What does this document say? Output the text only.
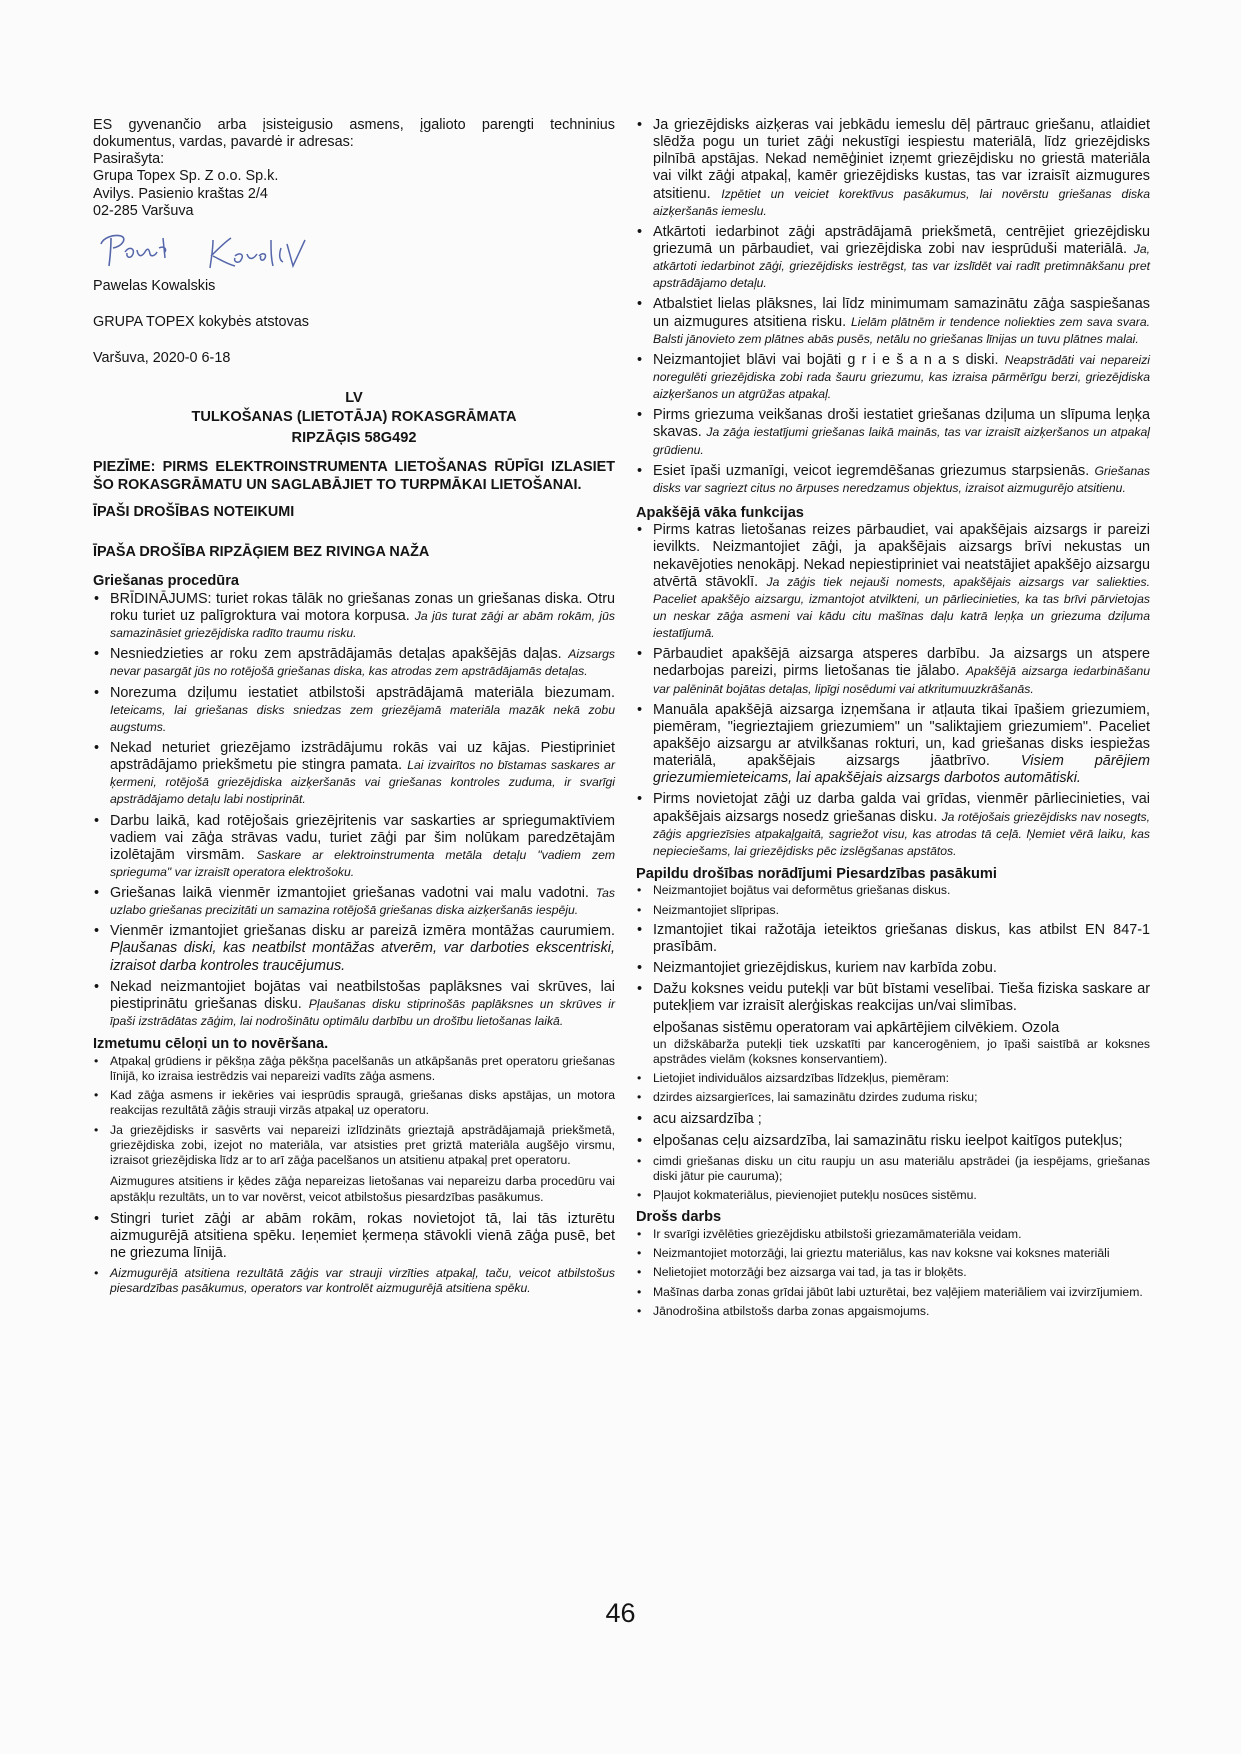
ES gyvenančio arba įsisteigusio asmens, įgalioto parengti techninius dokumentus, vardas, pavardė ir adresas:

Pasirašyta:

Grupa Topex Sp. Z o.o. Sp.k.

Avilys. Pasienio kraštas 2/4

02-285 Varšuva

Pawelas Kowalskis

GRUPA TOPEX kokybės atstovas

Varšuva, 2020-0 6-18

LV

TULKOŠANAS (LIETOTĀJA) ROKASGRĀMATA

RIPZĀĢIS 58G492

PIEZĪME: PIRMS ELEKTROINSTRUMENTA LIETOŠANAS RŪPĪGI IZLASIET ŠO ROKASGRĀMATU UN SAGLABĀJIET TO TURPMĀKAI LIETOŠANAI.

ĪPAŠI DROŠĪBAS NOTEIKUMI

ĪPAŠA DROŠĪBA RIPZĀĢIEM BEZ RIVINGA NAŽA

Griešanas procedūra

• BRĪDINĀJUMS: turiet rokas tālāk no griešanas zonas un griešanas diska. Otru roku turiet uz palīgroktura vai motora korpusa. Ja jūs turat zāģi ar abām rokām, jūs samazināsiet griezējdiska radīto traumu risku.
• Nesniedzieties ar roku zem apstrādājamās detaļas apakšējās daļas. Aizsargs nevar pasargāt jūs no rotējošā griešanas diska, kas atrodas zem apstrādājamās detaļas.
• Norezuma dziļumu iestatiet atbilstoši apstrādājamā materiāla biezumam. Ieteicams, lai griešanas disks sniedzas zem griezējamā materiāla mazāk nekā zobu augstums.
• Nekad neturiet griezējamo izstrādājumu rokās vai uz kājas. Piestipriniet apstrādājamo priekšmetu pie stingra pamata. Lai izvairītos no bīstamas saskares ar ķermeni, rotējošā griezējdiska aizķeršanās vai griešanas kontroles zuduma, ir svarīgi apstrādājamo detaļu labi nostiprināt.
• Darbu laikā, kad rotējošais griezējritenis var saskarties ar spriegumaktīviem vadiem vai zāģa strāvas vadu, turiet zāģi par šim nolūkam paredzētajām izolētajām virsmām. Saskare ar elektroinstrumenta metāla detaļu "vadiem zem sprieguma" var izraisīt operatora elektrošoku.
• Griešanas laikā vienmēr izmantojiet griešanas vadotni vai malu vadotni. Tas uzlabo griešanas precizitāti un samazina rotējošā griešanas diska aizķeršanās iespēju.
• Vienmēr izmantojiet griešanas disku ar pareizā izmēra montāžas caurumiem. Pļaušanas diski, kas neatbilst montāžas atverēm, var darboties ekscentriski, izraisot darba kontroles traucējumus.
• Nekad neizmantojiet bojātas vai neatbilstošas paplāksnes vai skrūves, lai piestiprinātu griešanas disku. Pļaušanas disku stiprinošās paplāksnes un skrūves ir īpaši izstrādātas zāģim, lai nodrošinātu optimālu darbību un drošību lietošanas laikā.

Izmetumu cēloņi un to novēršana.

• Atpakaļ grūdiens ir pēkšņa zāģa pēkšņa pacelšanās un atkāpšanās pret operatoru griešanas līnijā, ko izraisa iestrēdzis vai nepareizi vadīts zāģa asmens.
• Kad zāģa asmens ir iekēries vai iesprūdis spraugā, griešanas disks apstājas, un motora reakcijas rezultātā zāģis strauji virzās atpakaļ uz operatoru.
• Ja griezējdisks ir sasvērts vai nepareizi izlīdzināts grieztajā apstrādājamajā priekšmetā, griezējdiska zobi, izejot no materiāla, var atsisties pret griztā materiāla augšējo virsmu, izraisot griezējdiska līdz ar to arī zāģa pacelšanos un atsitienu atpakaļ pret operatoru.

Aizmugures atsitiens ir ķēdes zāģa nepareizas lietošanas vai nepareizu darba procedūru vai apstākļu rezultāts, un to var novērst, veicot atbilstošus piesardzības pasākumus.

• Stingri turiet zāģi ar abām rokām, rokas novietojot tā, lai tās izturētu aizmugurējā atsitiena spēku. Ieņemiet ķermeņa stāvokli vienā zāģa pusē, bet ne griezuma līnijā.
• Aizmugurējā atsitiena rezultātā zāģis var strauji virzīties atpakaļ, taču, veicot atbilstošus piesardzības pasākumus, operators var kontrolēt aizmugurējā atsitiena spēku.
• Ja griezējdisks aizķeras vai jebkādu iemeslu dēļ pārtrauc griešanu, atlaidiet slēdža pogu un turiet zāģi nekustīgi iespiestu materiālā, līdz griezējdisks pilnībā apstājas. Nekad nemēģiniet izņemt griezējdisku no griestā materiāla vai vilkt zāģi atpakaļ, kamēr griezējdisks kustas, tas var izraisīt aizmugures atsitienu. Izpētiet un veiciet korektīvus pasākumus, lai novērstu griešanas diska aizķeršanās iemeslu.
• Atkārtoti iedarbinot zāģi apstrādājamā priekšmetā, centrējiet griezējdisku griezumā un pārbaudiet, vai griezējdiska zobi nav iesprūduši materiālā. Ja, atkārtoti iedarbinot zāģi, griezējdisks iestrēgst, tas var izslīdēt vai radīt pretimnākšanu pret apstrādājamo detaļu.
• Atbalstiet lielas plāksnes, lai līdz minimumam samazinātu zāģa saspiešanas un aizmugures atsitiena risku. Lielām plātnēm ir tendence noliekties zem sava svara. Balsti jānovieto zem plātnes abās pusēs, netālu no griešanas līnijas un tuvu plātnes malai.
• Neizmantojiet blāvi vai bojāti g r i e š a n a s diski. Neapstrādāti vai nepareizi noregulēti griezējdiska zobi rada šauru griezumu, kas izraisa pārmērīgu berzi, griezējdiska aizķeršanos un atgrūžas atpakaļ.
• Pirms griezuma veikšanas droši iestatiet griešanas dziļuma un slīpuma leņķa skavas. Ja zāģa iestatījumi griešanas laikā mainās, tas var izraisīt aizķeršanos un atpakaļ grūdienu.
• Esiet īpaši uzmanīgi, veicot iegremdēšanas griezumus starpsienās. Griešanas disks var sagriezt citus no ārpuses neredzamus objektus, izraisot aizmugurējo atsitienu.

Apakšējā vāka funkcijas

• Pirms katras lietošanas reizes pārbaudiet, vai apakšējais aizsargs ir pareizi ievilkts. Neizmantojiet zāģi, ja apakšējais aizsargs brīvi nekustas un nekavējoties nenokāpj. Nekad nepiestipriniet vai neatstājiet apakšējo aizsargu atvērtā stāvoklī. Ja zāģis tiek nejauši nomests, apakšējais aizsargs var saliekties. Paceliet apakšējo aizsargu, izmantojot atvilkteni, un pārliecinieties, ka tas brīvi pārvietojas un neskar zāģa asmeni vai kādu citu mašīnas daļu katrā leņķa un griezuma dziļuma iestatījumā.
• Pārbaudiet apakšējā aizsarga atsperes darbību. Ja aizsargs un atspere nedarbojas pareizi, pirms lietošanas tie jālabo. Apakšējā aizsarga iedarbināšanu var palēnināt bojātas detaļas, lipīgi nosēdumi vai atkritumuuzkrāšanās.
• Manuāla apakšējā aizsarga izņemšana ir atļauta tikai īpašiem griezumiem, piemēram, "iegrieztajiem griezumiem" un "saliktajiem griezumiem". Paceliet apakšējo aizsargu ar atvilkšanas rokturi, un, kad griešanas disks iespiežas materiālā, apakšējais aizsargs jāatbrīvo. Visiem pārējiem griezumiemieteicams, lai apakšējais aizsargs darbotos automātiski.
• Pirms novietojat zāģi uz darba galda vai grīdas, vienmēr pārliecinieties, vai apakšējais aizsargs nosedz griešanas disku. Ja rotējošais griezējdisks nav nosegts, zāģis apgriezīsies atpakaļgaitā, sagriežot visu, kas atrodas tā ceļā. Ņemiet vērā laiku, kas nepieciešams, lai griezējdisks pēc izslēgšanas apstātos.

Papildu drošības norādījumi Piesardzības pasākumi

• Neizmantojiet bojātus vai deformētus griešanas diskus.
• Neizmantojiet slīpripas.
• Izmantojiet tikai ražotāja ieteiktos griešanas diskus, kas atbilst EN 847-1 prasībām.
• Neizmantojiet griezējdiskus, kuriem nav karbīda zobu.
• Dažu koksnes veidu putekļi var būt bīstami veselībai. Tieša fiziska saskare ar putekļiem var izraisīt alerģiskas reakcijas un/vai slimības.

elpošanas sistēmu operatoram vai apkārtējiem cilvēkiem. Ozola

un dižskābarža putekļi tiek uzskatīti par kancerogēniem, jo īpaši saistībā ar koksnes apstrādes vielām (koksnes konservantiem).

• Lietojiet individuālos aizsardzības līdzekļus, piemēram:
• dzirdes aizsargierīces, lai samazinātu dzirdes zuduma risku;
• acu aizsardzība ;
• elpošanas ceļu aizsardzība, lai samazinātu risku ieelpot kaitīgos putekļus;
• cimdi griešanas disku un citu raupju un asu materiālu apstrādei (ja iespējams, griešanas diski jātur pie cauruma);
• Pļaujot kokmateriālus, pievienojiet putekļu nosūces sistēmu.

Drošs darbs

• Ir svarīgi izvēlēties griezējdisku atbilstoši griezamāmateriāla veidam.
• Neizmantojiet motorzāģi, lai grieztu materiālus, kas nav koksne vai koksnes materiāli
• Nelietojiet motorzāģi bez aizsarga vai tad, ja tas ir bloķēts.
• Mašīnas darba zonas grīdai jābūt labi uzturētai, bez vaļējiem materiāliem vai izvirzījumiem.
• Jānodrošina atbilstošs darba zonas apgaismojums.
46
